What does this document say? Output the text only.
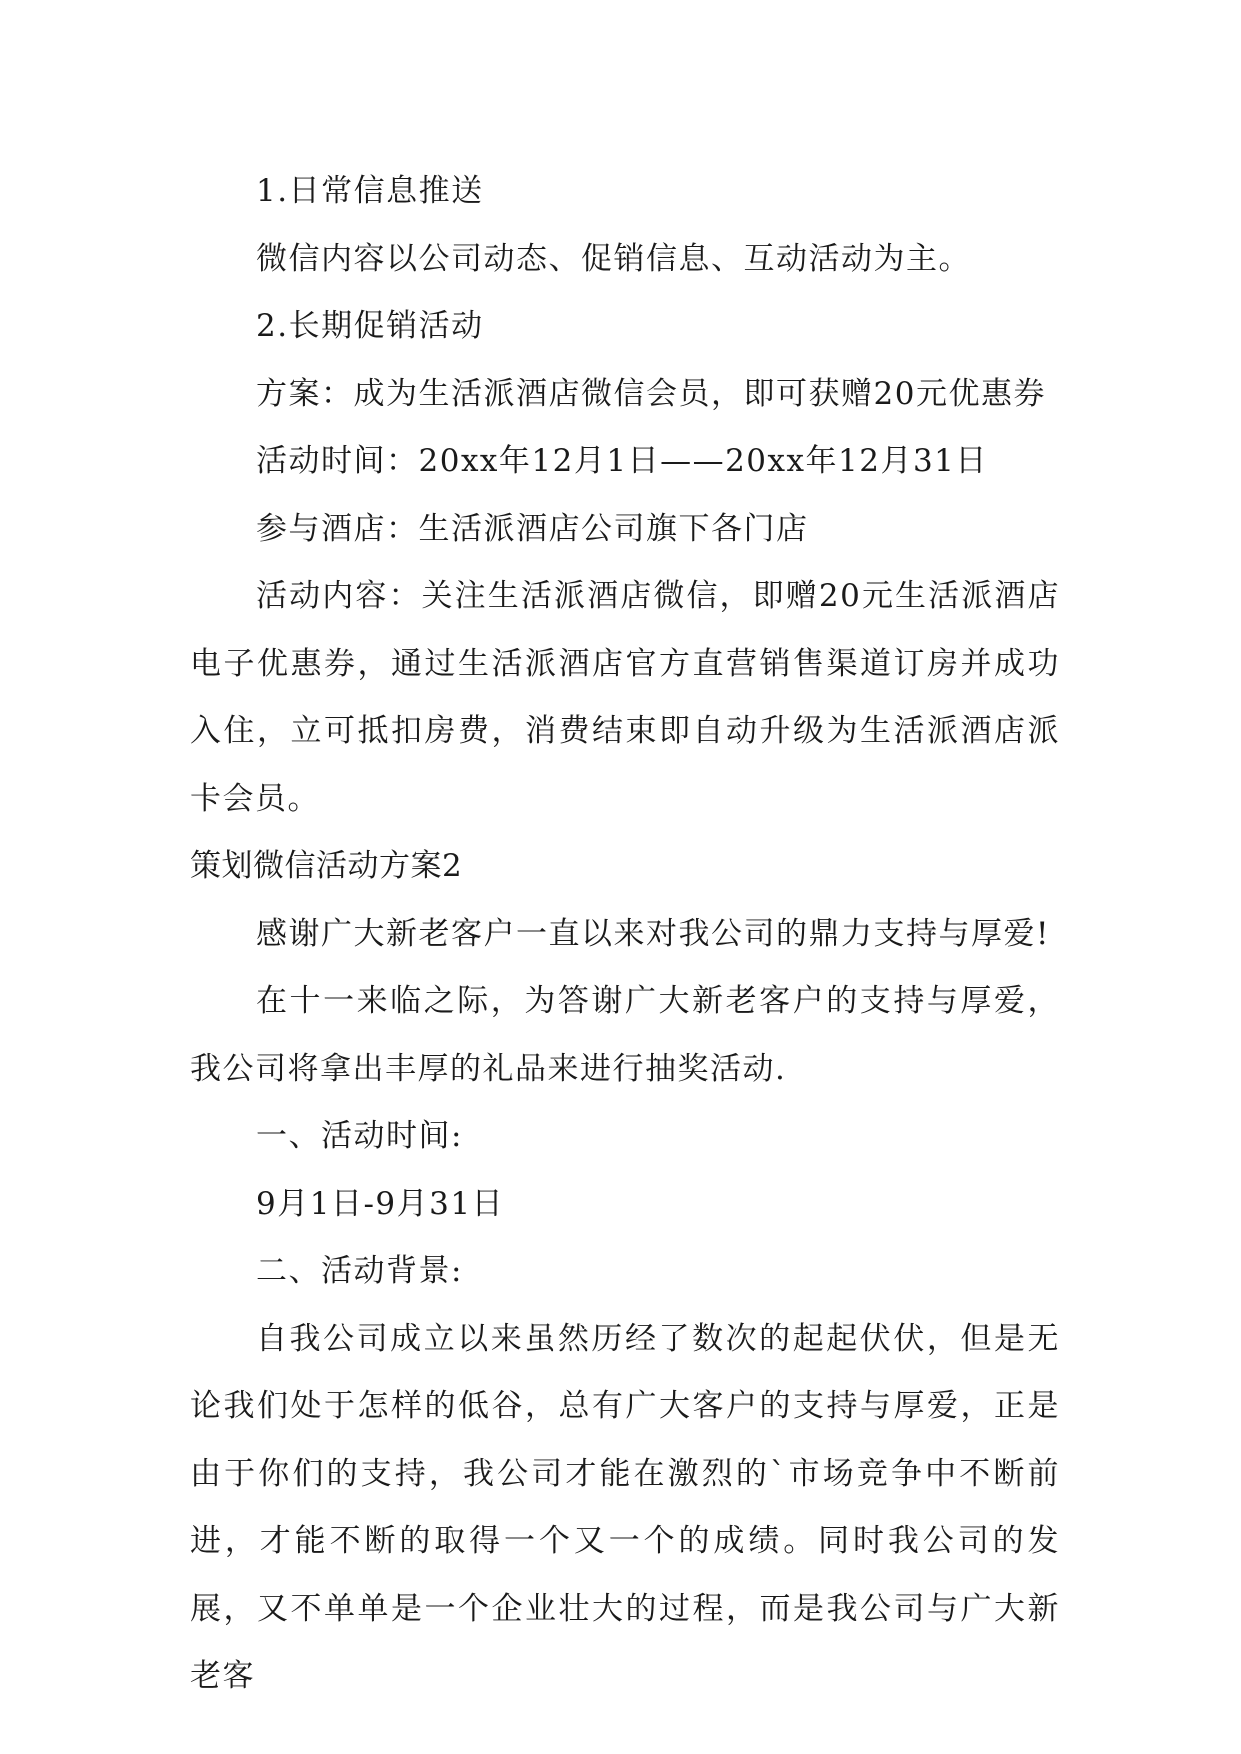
1.日常信息推送

微信内容以公司动态、促销信息、互动活动为主。

2.长期促销活动

方案：成为生活派酒店微信会员，即可获赠20元优惠券

活动时间：20xx年12月1日——20xx年12月31日

参与酒店：生活派酒店公司旗下各门店

活动内容：关注生活派酒店微信，即赠20元生活派酒店电子优惠券，通过生活派酒店官方直营销售渠道订房并成功入住，立可抵扣房费，消费结束即自动升级为生活派酒店派卡会员。

策划微信活动方案2

感谢广大新老客户一直以来对我公司的鼎力支持与厚爱!

在十一来临之际，为答谢广大新老客户的支持与厚爱，我公司将拿出丰厚的礼品来进行抽奖活动.

一、活动时间:

9月1日-9月31日

二、活动背景:

自我公司成立以来虽然历经了数次的起起伏伏，但是无论我们处于怎样的低谷，总有广大客户的支持与厚爱，正是由于你们的支持，我公司才能在激烈的`市场竞争中不断前进，才能不断的取得一个又一个的成绩。同时我公司的发展，又不单单是一个企业壮大的过程，而是我公司与广大新老客
